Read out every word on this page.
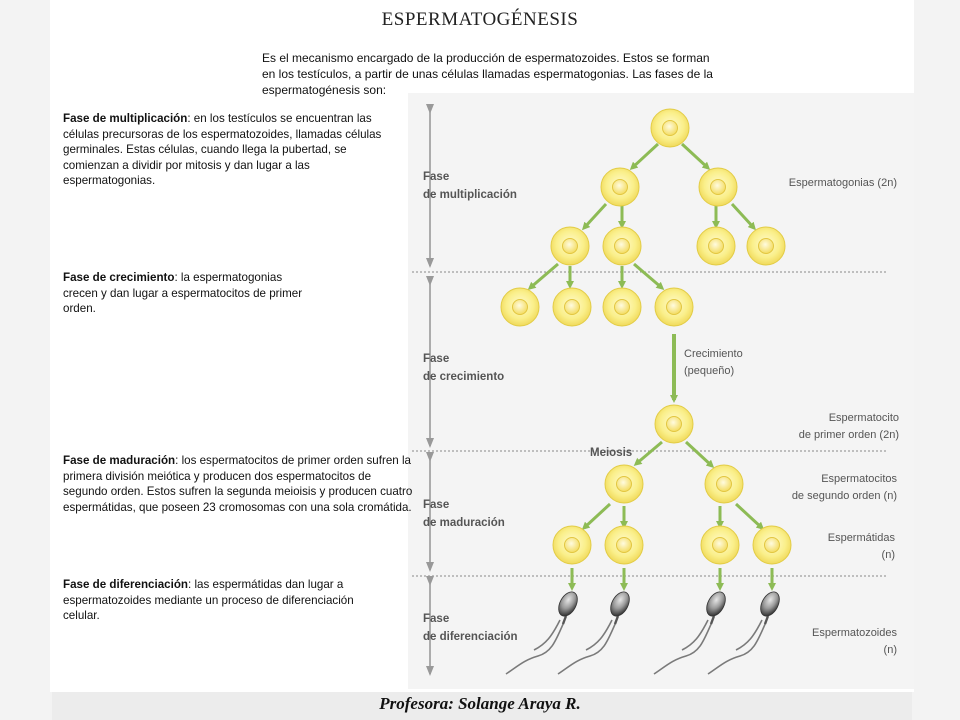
ESPERMATOGÉNESIS
Es el mecanismo encargado de la producción de espermatozoides. Estos se forman en los testículos, a partir de unas células llamadas espermatogonias. Las fases de la espermatogénesis son:
Fase de multiplicación: en los testículos se encuentran las células precursoras de los espermatozoides, llamadas células germinales. Estas células, cuando llega la pubertad, se comienzan a dividir por mitosis y dan lugar a las espermatogonias.
Fase de crecimiento: la espermatogonias crecen y dan lugar a espermatocitos de primer orden.
Fase de maduración: los espermatocitos de primer orden sufren la primera división meiótica y producen dos espermatocitos de segundo orden. Estos sufren la segunda meioisis y producen cuatro espermátidas, que poseen 23 cromosomas con una sola cromátida.
Fase de diferenciación: las espermátidas dan lugar a espermatozoides mediante un proceso de diferenciación celular.
Fase de multiplicación
Fase de crecimiento
Fase de maduración
Fase de diferenciación
Espermatogonias (2n)
Crecimiento (pequeño)
Espermatocito de primer orden (2n)
Meiosis
Espermatocitos de segundo orden (n)
Espermátidas (n)
Espermatozoides (n)
Profesora: Solange Araya R.
